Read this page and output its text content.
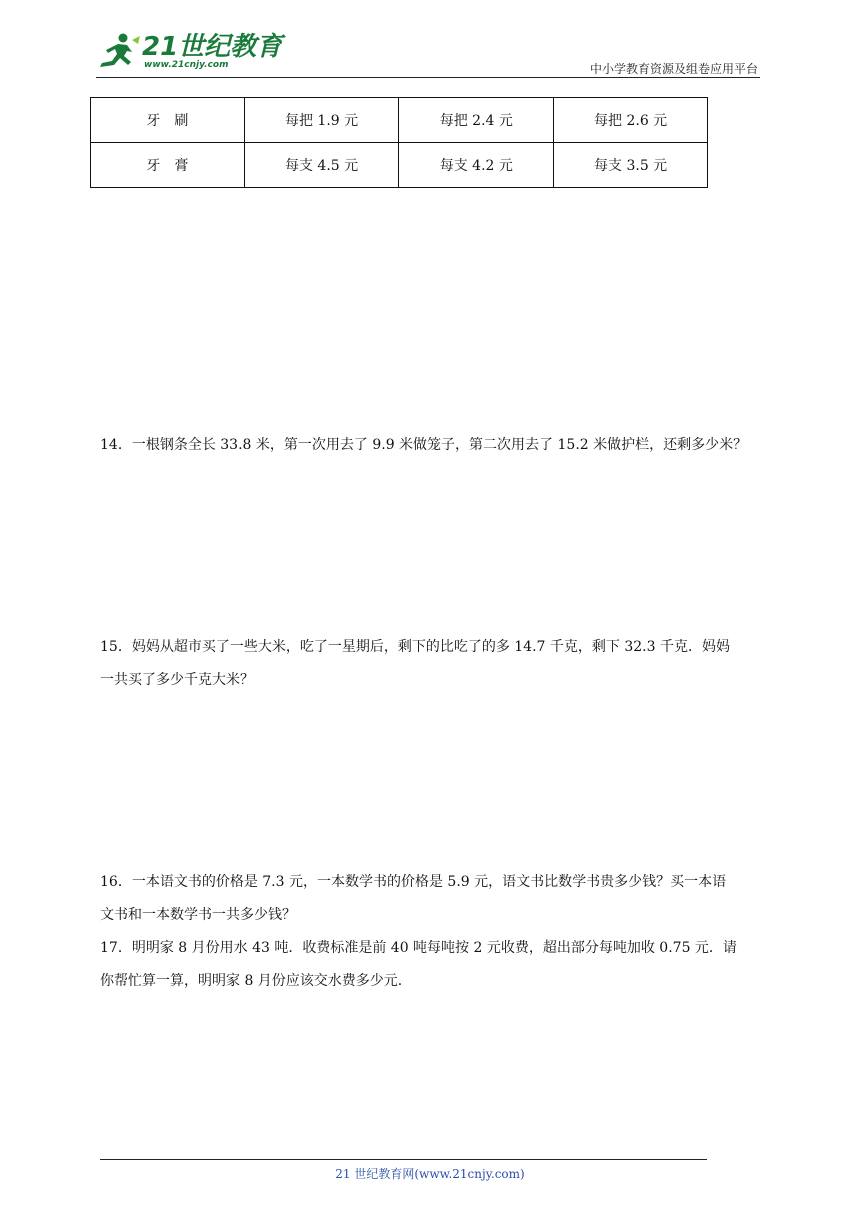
21世纪教育
www.21cnjy.com	中小学教育资源及组卷应用平台
牙　刷	每把 1.9 元	每把 2.4 元	每把 2.6 元
牙　膏	每支 4.5 元	每支 4.2 元	每支 3.5 元

14．一根钢条全长 33.8 米，第一次用去了 9.9 米做笼子，第二次用去了 15.2 米做护栏，还剩多少米？

15．妈妈从超市买了一些大米，吃了一星期后，剩下的比吃了的多 14.7 千克，剩下 32.3 千克．妈妈

一共买了多少千克大米？

16．一本语文书的价格是 7.3 元，一本数学书的价格是 5.9 元，语文书比数学书贵多少钱？买一本语

文书和一本数学书一共多少钱？

17．明明家 8 月份用水 43 吨．收费标准是前 40 吨每吨按 2 元收费，超出部分每吨加收 0.75 元．请

你帮忙算一算，明明家 8 月份应该交水费多少元．

21 世纪教育网(www.21cnjy.com)
